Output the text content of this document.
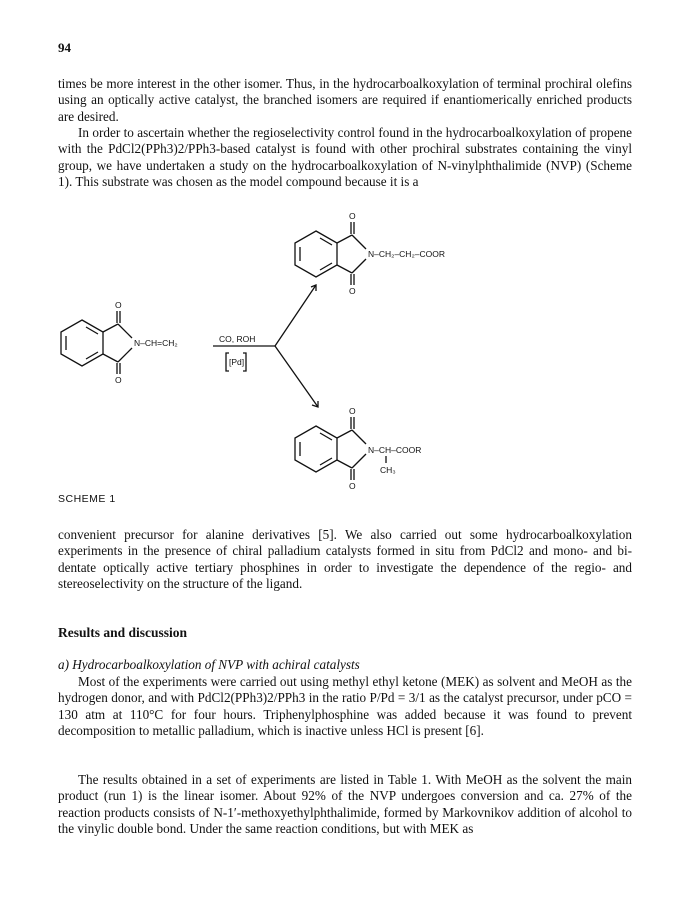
94

times be more interest in the other isomer. Thus, in the hydrocarboalkoxylation of terminal prochiral olefins using an optically active catalyst, the branched isomers are required if enantiomerically enriched products are desired.

In order to ascertain whether the regioselectivity control found in the hydrocarboalkoxylation of propene with the PdCl2(PPh3)2/PPh3-based catalyst is found with other prochiral substrates containing the vinyl group, we have undertaken a study on the hydrocarboalkoxylation of N-vinylphthalimide (NVP) (Scheme 1). This substrate was chosen as the model compound because it is a

O
O
N–CH₂–CH₂–COOR
O
O
N–CH=CH₂	CO, ROH
[Pd]
O
O
N–CH–COOR
CH₃
SCHEME 1

convenient precursor for alanine derivatives [5]. We also carried out some hydrocarboalkoxylation experiments in the presence of chiral palladium catalysts formed in situ from PdCl2 and mono- and bi-dentate optically active tertiary phosphines in order to investigate the dependence of the regio- and stereoselectivity on the structure of the ligand.

Results and discussion

a) Hydrocarboalkoxylation of NVP with achiral catalysts

Most of the experiments were carried out using methyl ethyl ketone (MEK) as solvent and MeOH as the hydrogen donor, and with PdCl2(PPh3)2/PPh3 in the ratio P/Pd = 3/1 as the catalyst precursor, under pCO = 130 atm at 110°C for four hours. Triphenylphosphine was added because it was found to prevent decomposition to metallic palladium, which is inactive unless HCl is present [6].

The results obtained in a set of experiments are listed in Table 1. With MeOH as the solvent the main product (run 1) is the linear isomer. About 92% of the NVP undergoes conversion and ca. 27% of the reaction products consists of N-1′-methoxyethylphthalimide, formed by Markovnikov addition of alcohol to the vinylic double bond. Under the same reaction conditions, but with MEK as
